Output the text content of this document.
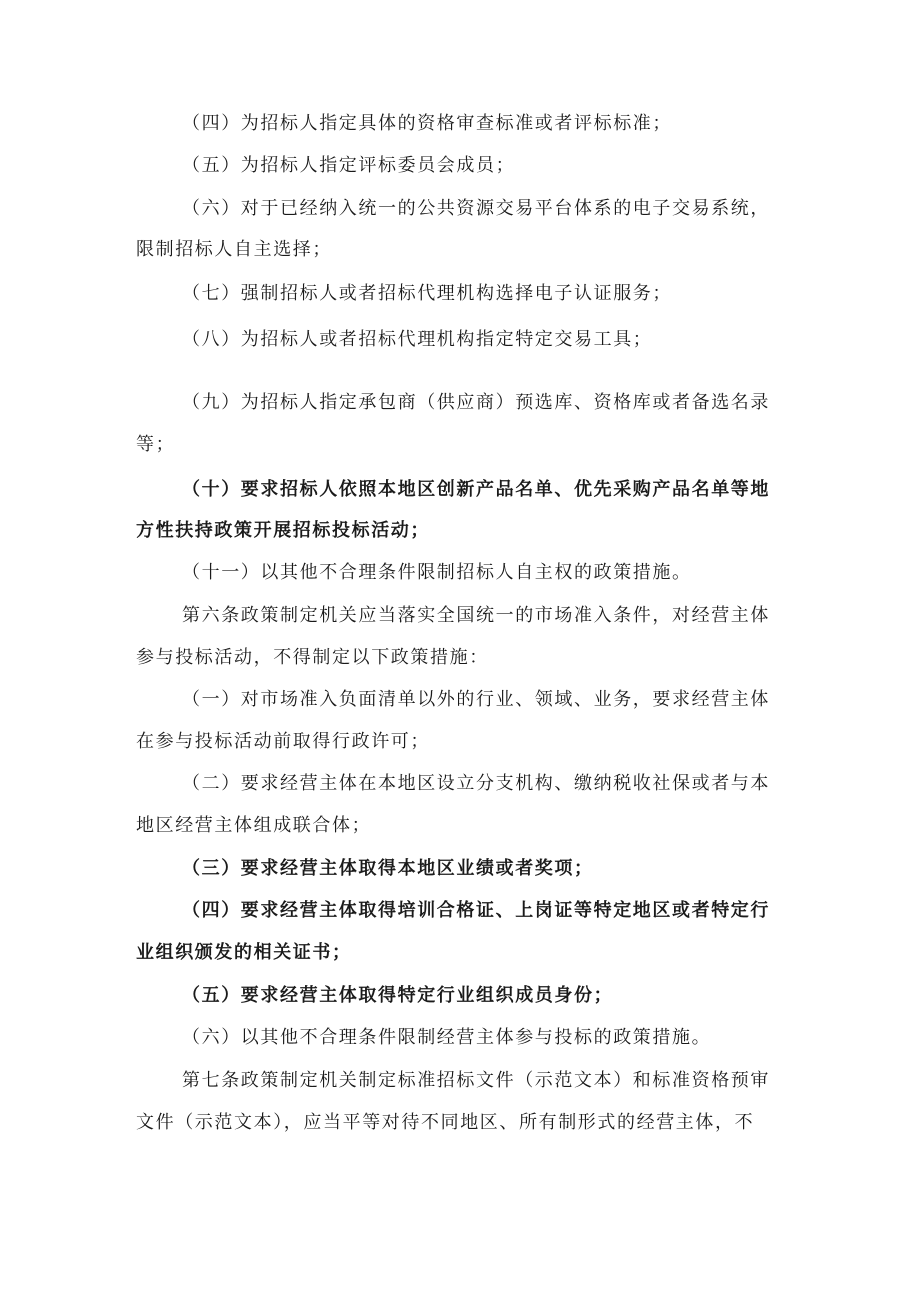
（四）为招标人指定具体的资格审查标准或者评标标准；
（五）为招标人指定评标委员会成员；
（六）对于已经纳入统一的公共资源交易平台体系的电子交易系统，
限制招标人自主选择；
（七）强制招标人或者招标代理机构选择电子认证服务；
（八）为招标人或者招标代理机构指定特定交易工具；
（九）为招标人指定承包商（供应商）预选库、资格库或者备选名录
等；
（十）要求招标人依照本地区创新产品名单、优先采购产品名单等地
方性扶持政策开展招标投标活动；
（十一）以其他不合理条件限制招标人自主权的政策措施。
第六条政策制定机关应当落实全国统一的市场准入条件，对经营主体
参与投标活动，不得制定以下政策措施：
（一）对市场准入负面清单以外的行业、领域、业务，要求经营主体
在参与投标活动前取得行政许可；
（二）要求经营主体在本地区设立分支机构、缴纳税收社保或者与本
地区经营主体组成联合体；
（三）要求经营主体取得本地区业绩或者奖项；
（四）要求经营主体取得培训合格证、上岗证等特定地区或者特定行
业组织颁发的相关证书；
（五）要求经营主体取得特定行业组织成员身份；
（六）以其他不合理条件限制经营主体参与投标的政策措施。
第七条政策制定机关制定标准招标文件（示范文本）和标准资格预审
文件（示范文本），应当平等对待不同地区、所有制形式的经营主体，不
